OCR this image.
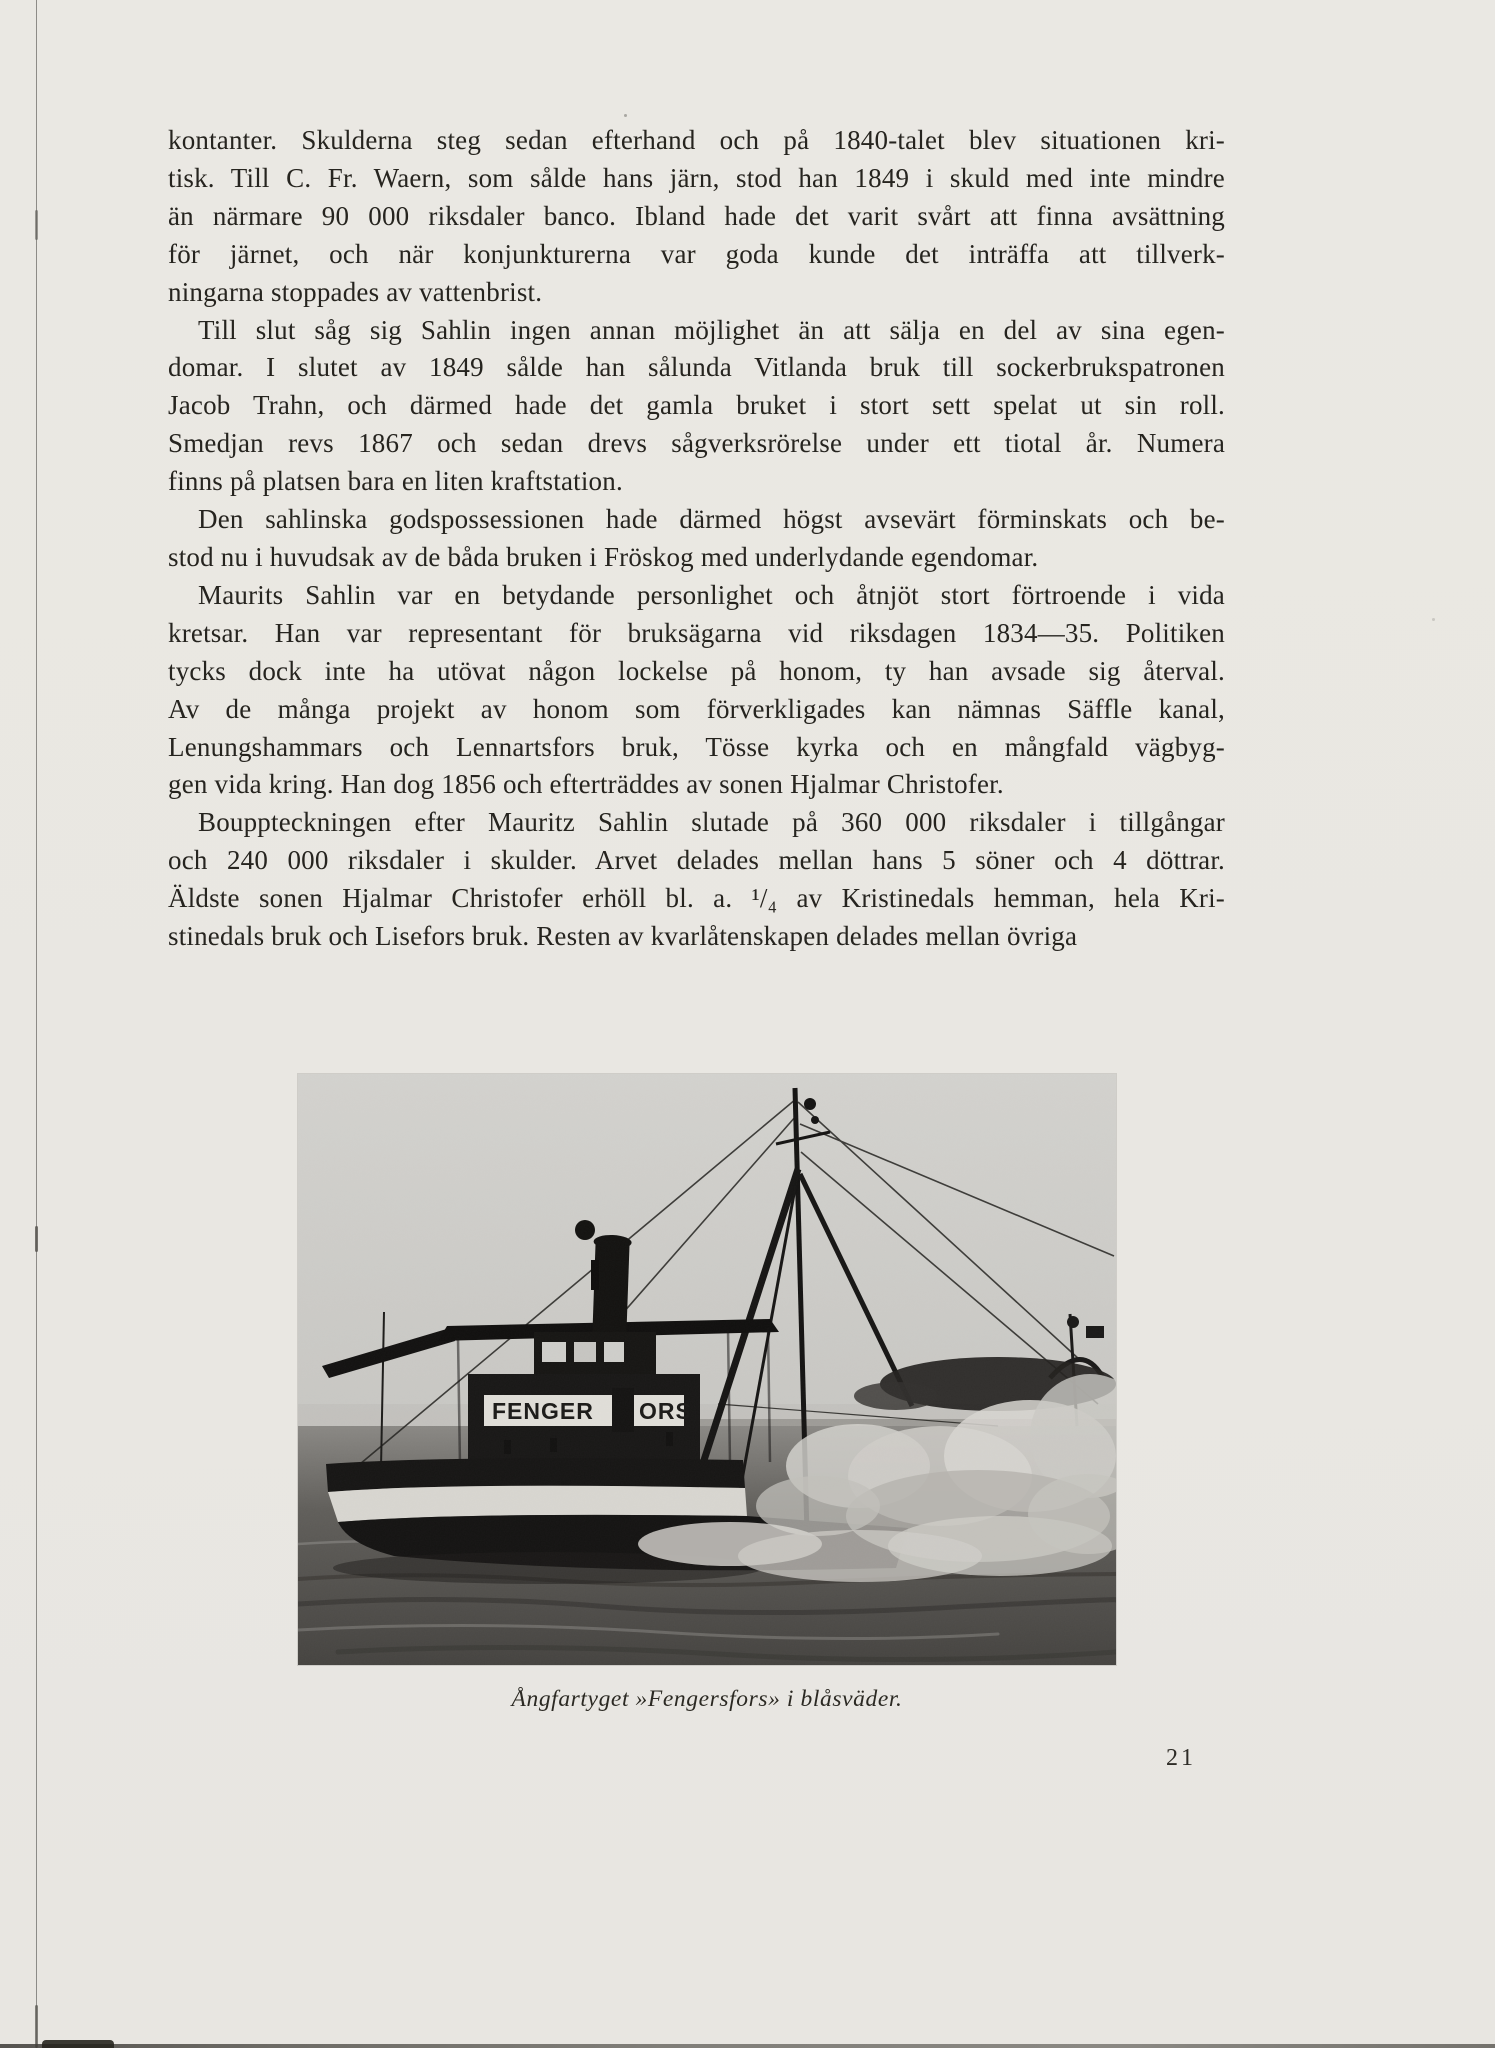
kontanter. Skulderna steg sedan efterhand och på 1840-talet blev situationen kri-
tisk. Till C. Fr. Waern, som sålde hans järn, stod han 1849 i skuld med inte mindre
än närmare 90 000 riksdaler banco. Ibland hade det varit svårt att finna avsättning
för järnet, och när konjunkturerna var goda kunde det inträffa att tillverk-
ningarna stoppades av vattenbrist.
Till slut såg sig Sahlin ingen annan möjlighet än att sälja en del av sina egen-
domar. I slutet av 1849 sålde han sålunda Vitlanda bruk till sockerbrukspatronen
Jacob Trahn, och därmed hade det gamla bruket i stort sett spelat ut sin roll.
Smedjan revs 1867 och sedan drevs sågverksrörelse under ett tiotal år. Numera
finns på platsen bara en liten kraftstation.
Den sahlinska godspossessionen hade därmed högst avsevärt förminskats och be-
stod nu i huvudsak av de båda bruken i Fröskog med underlydande egendomar.
Maurits Sahlin var en betydande personlighet och åtnjöt stort förtroende i vida
kretsar. Han var representant för bruksägarna vid riksdagen 1834—35. Politiken
tycks dock inte ha utövat någon lockelse på honom, ty han avsade sig återval.
Av de många projekt av honom som förverkligades kan nämnas Säffle kanal,
Lenungshammars och Lennartsfors bruk, Tösse kyrka och en mångfald vägbyg-
gen vida kring. Han dog 1856 och efterträddes av sonen Hjalmar Christofer.
Bouppteckningen efter Mauritz Sahlin slutade på 360 000 riksdaler i tillgångar
och 240 000 riksdaler i skulder. Arvet delades mellan hans 5 söner och 4 döttrar.
Äldste sonen Hjalmar Christofer erhöll bl. a. ¹/₄ av Kristinedals hemman, hela Kri-
stinedals bruk och Lisefors bruk. Resten av kvarlåtenskapen delades mellan övriga
FENGER ORS
Ångfartyget »Fengersfors» i blåsväder.
21
